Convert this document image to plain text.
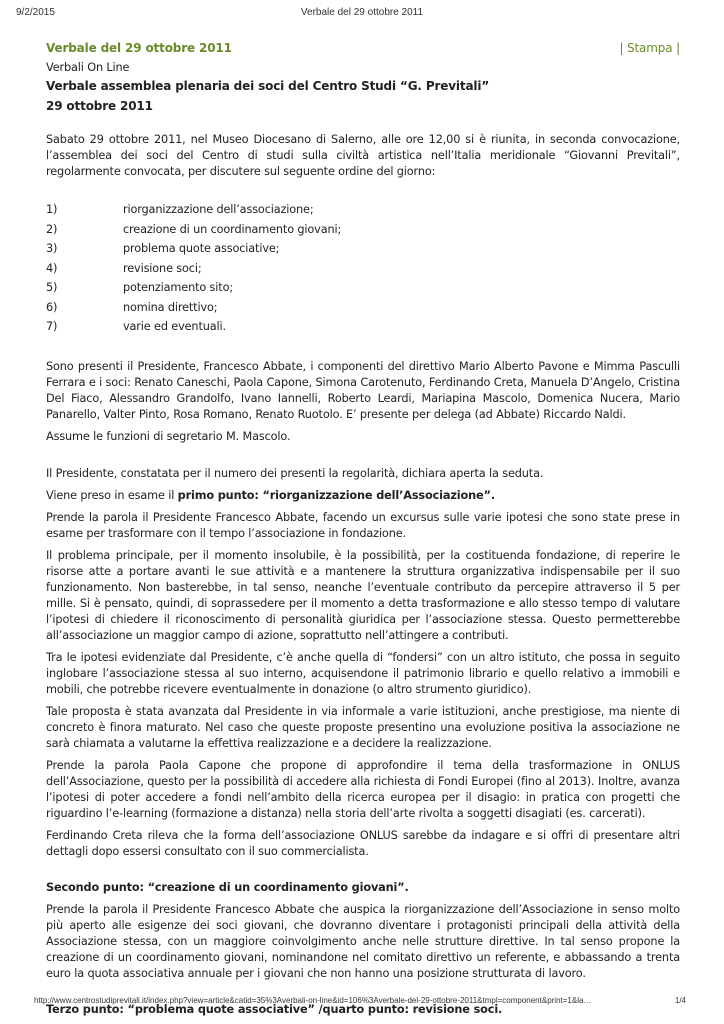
9/2/2015	Verbale del 29 ottobre 2011
Verbale del 29 ottobre 2011	| Stampa |
Verbali On Line
Verbale assemblea plenaria dei soci del Centro Studi “G. Previtali”
29 ottobre 2011

Sabato 29 ottobre 2011, nel Museo Diocesano di Salerno, alle ore 12,00 si è riunita, in seconda convocazione, l’assemblea dei soci del Centro di studi sulla civiltà artistica nell’Italia meridionale “Giovanni Previtali”, regolarmente convocata, per discutere sul seguente ordine del giorno:

1)	riorganizzazione dell’associazione;
2)	creazione di un coordinamento giovani;
3)	problema quote associative;
4)	revisione soci;
5)	potenziamento sito;
6)	nomina direttivo;
7)	varie ed eventuali.

Sono presenti il Presidente, Francesco Abbate, i componenti del direttivo Mario Alberto Pavone e Mimma Pasculli Ferrara e i soci: Renato Caneschi, Paola Capone, Simona Carotenuto, Ferdinando Creta, Manuela D’Angelo, Cristina Del Fiaco, Alessandro Grandolfo, Ivano Iannelli, Roberto Leardi, Mariapina Mascolo, Domenica Nucera, Mario Panarello, Valter Pinto, Rosa Romano, Renato Ruotolo. E’ presente per delega (ad Abbate) Riccardo Naldi.

Assume le funzioni di segretario M. Mascolo.

Il Presidente, constatata per il numero dei presenti la regolarità, dichiara aperta la seduta.

Viene preso in esame il primo punto: “riorganizzazione dell’Associazione”.

Prende la parola il Presidente Francesco Abbate, facendo un excursus sulle varie ipotesi che sono state prese in esame per trasformare con il tempo l’associazione in fondazione.

Il problema principale, per il momento insolubile, è la possibilità, per la costituenda fondazione, di reperire le risorse atte a portare avanti le sue attività e a mantenere la struttura organizzativa indispensabile per il suo funzionamento. Non basterebbe, in tal senso, neanche l’eventuale contributo da percepire attraverso il 5 per mille. Si è pensato, quindi, di soprassedere per il momento a detta trasformazione e allo stesso tempo di valutare l’ipotesi di chiedere il riconoscimento di personalità giuridica per l’associazione stessa. Questo permetterebbe all’associazione un maggior campo di azione, soprattutto nell’attingere a contributi.

Tra le ipotesi evidenziate dal Presidente, c’è anche quella di “fondersi” con un altro istituto, che possa in seguito inglobare l’associazione stessa al suo interno, acquisendone il patrimonio librario e quello relativo a immobili e mobili, che potrebbe ricevere eventualmente in donazione (o altro strumento giuridico).

Tale proposta è stata avanzata dal Presidente in via informale a varie istituzioni, anche prestigiose, ma niente di concreto è finora maturato. Nel caso che queste proposte presentino una evoluzione positiva la associazione ne sarà chiamata a valutarne la effettiva realizzazione e a decidere la realizzazione.

Prende la parola Paola Capone che propone di approfondire il tema della trasformazione in ONLUS dell’Associazione, questo per la possibilità di accedere alla richiesta di Fondi Europei (fino al 2013). Inoltre, avanza l’ipotesi di poter accedere a fondi nell’ambito della ricerca europea per il disagio: in pratica con progetti che riguardino l’e-learning (formazione a distanza) nella storia dell’arte rivolta a soggetti disagiati (es. carcerati).

Ferdinando Creta rileva che la forma dell’associazione ONLUS sarebbe da indagare e si offri di presentare altri dettagli dopo essersi consultato con il suo commercialista.

Secondo punto: “creazione di un coordinamento giovani”.

Prende la parola il Presidente Francesco Abbate che auspica la riorganizzazione dell’Associazione in senso molto più aperto alle esigenze dei soci giovani, che dovranno diventare i protagonisti principali della attività della Associazione stessa, con un maggiore coinvolgimento anche nelle strutture direttive. In tal senso propone la creazione di un coordinamento giovani, nominandone nel comitato direttivo un referente, e abbassando a trenta euro la quota associativa annuale per i giovani che non hanno una posizione strutturata di lavoro.

Terzo punto: “problema quote associative” /quarto punto: revisione soci.
http://www.centrostudiprevitali.it/index.php?view=article&catid=35%3Averbali-on-line&id=106%3Averbale-del-29-ottobre-2011&tmpl=component&print=1&la…	1/4
